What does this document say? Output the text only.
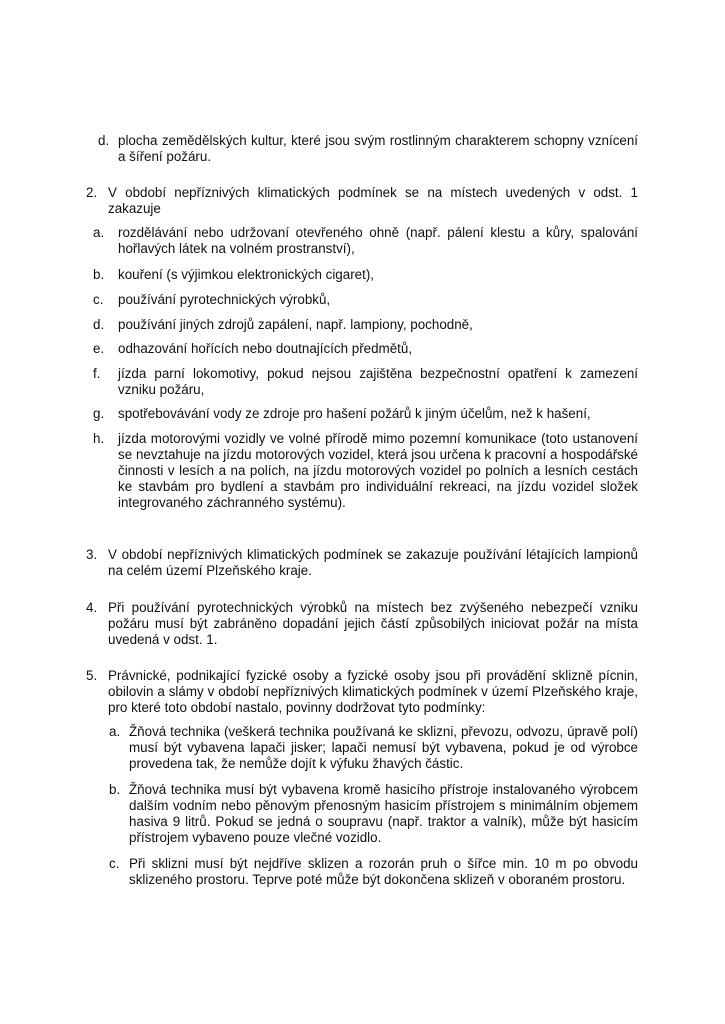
d. plocha zemědělských kultur, které jsou svým rostlinným charakterem schopny vznícení a šíření požáru.
2. V období nepříznivých klimatických podmínek se na místech uvedených v odst. 1 zakazuje
a. rozdělávání nebo udržovaní otevřeného ohně (např. pálení klestu a kůry, spalování hořlavých látek na volném prostranství),
b. kouření (s výjimkou elektronických cigaret),
c. používání pyrotechnických výrobků,
d. používání jiných zdrojů zapálení, např. lampiony, pochodně,
e. odhazování hořících nebo doutnajících předmětů,
f. jízda parní lokomotivy, pokud nejsou zajištěna bezpečnostní opatření k zamezení vzniku požáru,
g. spotřebovávání vody ze zdroje pro hašení požárů k jiným účelům, než k hašení,
h. jízda motorovými vozidly ve volné přírodě mimo pozemní komunikace (toto ustanovení se nevztahuje na jízdu motorových vozidel, která jsou určena k pracovní a hospodářské činnosti v lesích a na polích, na jízdu motorových vozidel po polních a lesních cestách ke stavbám pro bydlení a stavbám pro individuální rekreaci, na jízdu vozidel složek integrovaného záchranného systému).
3. V období nepříznivých klimatických podmínek se zakazuje používání létajících lampionů na celém území Plzeňského kraje.
4. Při používání pyrotechnických výrobků na místech bez zvýšeného nebezpečí vzniku požáru musí být zabráněno dopadání jejich částí způsobilých iniciovat požár na místa uvedená v odst. 1.
5. Právnické, podnikající fyzické osoby a fyzické osoby jsou při provádění sklizně pícnin, obilovin a slámy v období nepříznivých klimatických podmínek v území Plzeňského kraje, pro které toto období nastalo, povinny dodržovat tyto podmínky:
a. Žňová technika (veškerá technika používaná ke sklizni, převozu, odvozu, úpravě polí) musí být vybavena lapači jisker; lapači nemusí být vybavena, pokud je od výrobce provedena tak, že nemůže dojít k výfuku žhavých částic.
b. Žňová technika musí být vybavena kromě hasicího přístroje instalovaného výrobcem dalším vodním nebo pěnovým přenosným hasicím přístrojem s minimálním objemem hasiva 9 litrů. Pokud se jedná o soupravu (např. traktor a valník), může být hasicím přístrojem vybaveno pouze vlečné vozidlo.
c. Při sklizni musí být nejdříve sklizen a rozorán pruh o šířce min. 10 m po obvodu sklizeného prostoru. Teprve poté může být dokončena sklizeň v oboraném prostoru.
